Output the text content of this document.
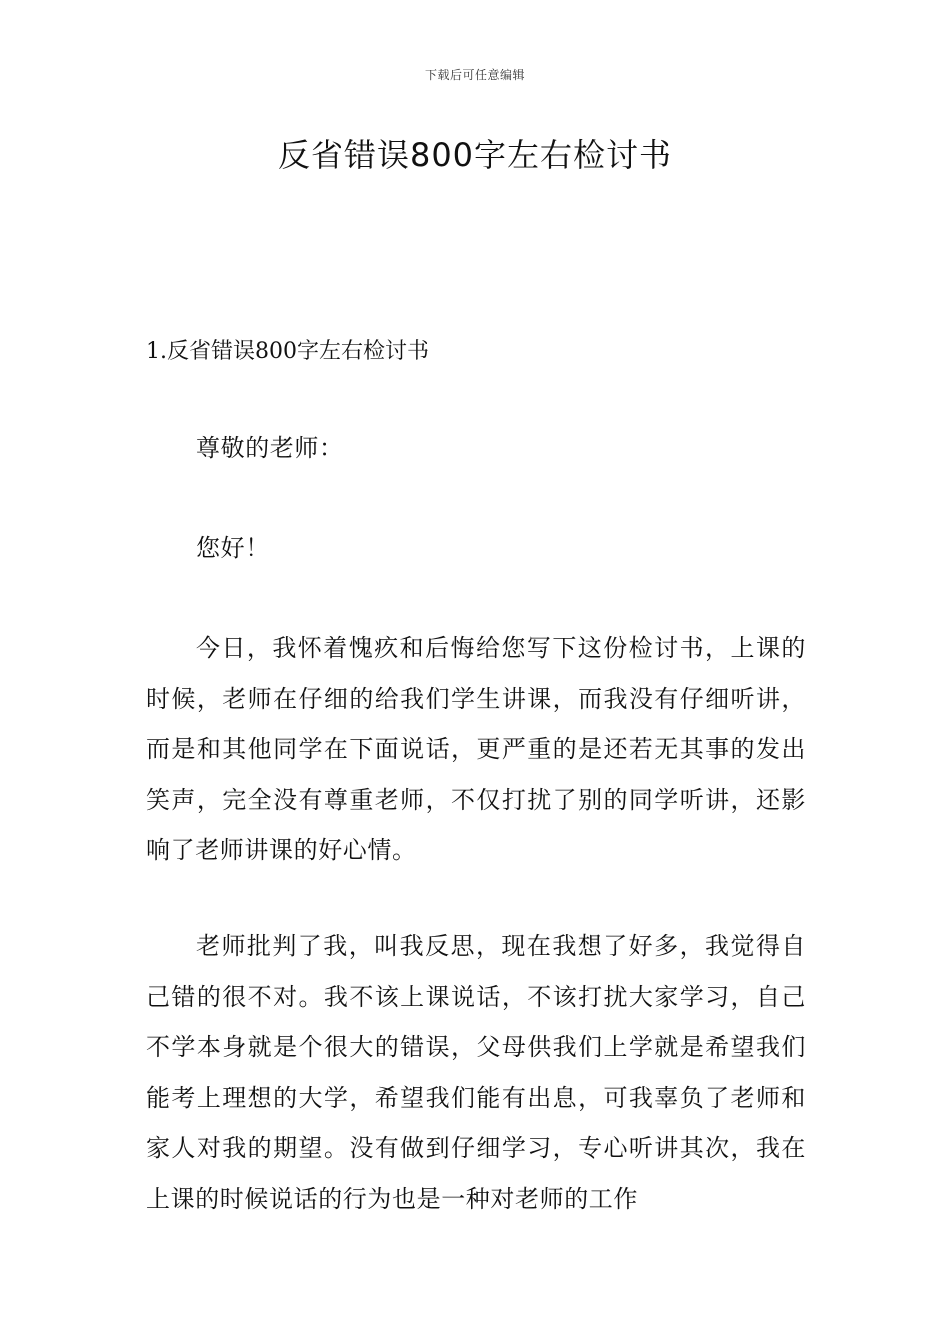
下载后可任意编辑
反省错误800字左右检讨书
1.反省错误800字左右检讨书
尊敬的老师：
您好！
今日，我怀着愧疚和后悔给您写下这份检讨书，上课的时候，老师在仔细的给我们学生讲课，而我没有仔细听讲，而是和其他同学在下面说话，更严重的是还若无其事的发出笑声，完全没有尊重老师，不仅打扰了别的同学听讲，还影响了老师讲课的好心情。
老师批判了我，叫我反思，现在我想了好多，我觉得自己错的很不对。我不该上课说话，不该打扰大家学习，自己不学本身就是个很大的错误，父母供我们上学就是希望我们能考上理想的大学，希望我们能有出息，可我辜负了老师和家人对我的期望。没有做到仔细学习，专心听讲其次，我在上课的时候说话的行为也是一种对老师的工作
